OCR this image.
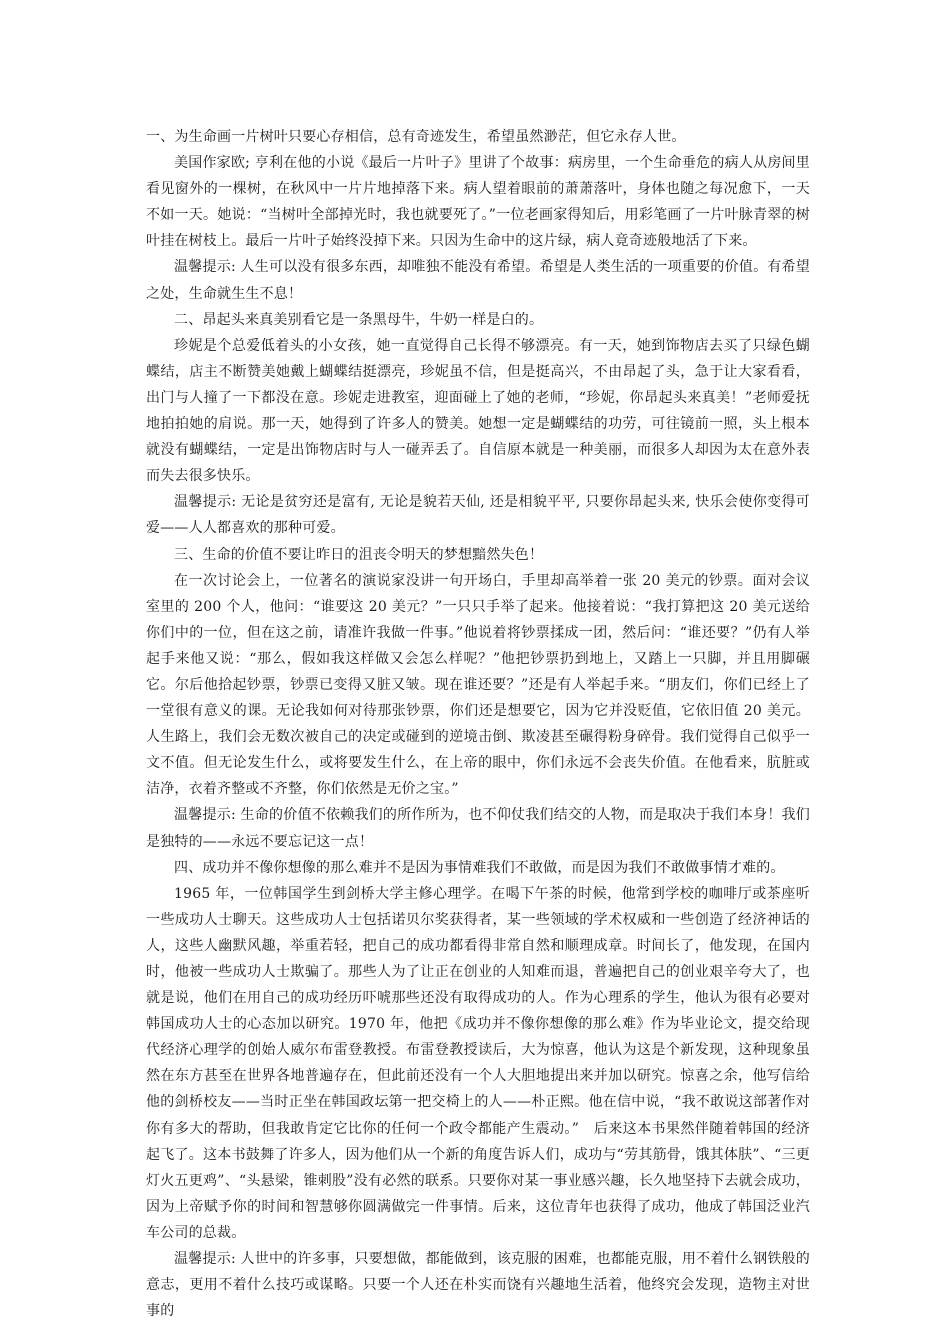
一、为生命画一片树叶只要心存相信，总有奇迹发生，希望虽然渺茫，但它永存人世。

美国作家欧; 亨利在他的小说《最后一片叶子》里讲了个故事：病房里，一个生命垂危的病人从房间里看见窗外的一棵树，在秋风中一片片地掉落下来。病人望着眼前的萧萧落叶，身体也随之每况愈下，一天不如一天。她说：“当树叶全部掉光时，我也就要死了。”一位老画家得知后，用彩笔画了一片叶脉青翠的树叶挂在树枝上。最后一片叶子始终没掉下来。只因为生命中的这片绿，病人竟奇迹般地活了下来。

温馨提示: 人生可以没有很多东西，却唯独不能没有希望。希望是人类生活的一项重要的价值。有希望之处，生命就生生不息！

二、昂起头来真美别看它是一条黑母牛，牛奶一样是白的。

珍妮是个总爱低着头的小女孩，她一直觉得自己长得不够漂亮。有一天，她到饰物店去买了只绿色蝴蝶结，店主不断赞美她戴上蝴蝶结挺漂亮，珍妮虽不信，但是挺高兴，不由昂起了头，急于让大家看看，出门与人撞了一下都没在意。珍妮走进教室，迎面碰上了她的老师，“珍妮，你昂起头来真美！”老师爱抚地拍拍她的肩说。那一天，她得到了许多人的赞美。她想一定是蝴蝶结的功劳，可往镜前一照，头上根本就没有蝴蝶结，一定是出饰物店时与人一碰弄丢了。自信原本就是一种美丽，而很多人却因为太在意外表而失去很多快乐。

温馨提示: 无论是贫穷还是富有, 无论是貌若天仙, 还是相貌平平, 只要你昂起头来, 快乐会使你变得可爱——人人都喜欢的那种可爱。

三、生命的价值不要让昨日的沮丧令明天的梦想黯然失色！

在一次讨论会上，一位著名的演说家没讲一句开场白，手里却高举着一张 20 美元的钞票。面对会议室里的 200 个人，他问：“谁要这 20 美元？”一只只手举了起来。他接着说：“我打算把这 20 美元送给你们中的一位，但在这之前，请准许我做一件事。”他说着将钞票揉成一团，然后问：“谁还要？”仍有人举起手来他又说：“那么，假如我这样做又会怎么样呢？”他把钞票扔到地上，又踏上一只脚，并且用脚碾它。尔后他拾起钞票，钞票已变得又脏又皱。现在谁还要？”还是有人举起手来。“朋友们，你们已经上了一堂很有意义的课。无论我如何对待那张钞票，你们还是想要它，因为它并没贬值，它依旧值 20 美元。人生路上，我们会无数次被自己的决定或碰到的逆境击倒、欺凌甚至碾得粉身碎骨。我们觉得自己似乎一文不值。但无论发生什么，或将要发生什么，在上帝的眼中，你们永远不会丧失价值。在他看来，肮脏或洁净，衣着齐整或不齐整，你们依然是无价之宝。”

温馨提示: 生命的价值不依赖我们的所作所为，也不仰仗我们结交的人物，而是取决于我们本身！我们是独特的——永远不要忘记这一点！

四、成功并不像你想像的那么难并不是因为事情难我们不敢做，而是因为我们不敢做事情才难的。

1965 年，一位韩国学生到剑桥大学主修心理学。在喝下午茶的时候，他常到学校的咖啡厅或茶座听一些成功人士聊天。这些成功人士包括诺贝尔奖获得者，某一些领域的学术权威和一些创造了经济神话的人，这些人幽默风趣，举重若轻，把自己的成功都看得非常自然和顺理成章。时间长了，他发现，在国内时，他被一些成功人士欺骗了。那些人为了让正在创业的人知难而退，普遍把自己的创业艰辛夸大了，也就是说，他们在用自己的成功经历吓唬那些还没有取得成功的人。作为心理系的学生，他认为很有必要对韩国成功人士的心态加以研究。1970 年，他把《成功并不像你想像的那么难》作为毕业论文，提交给现代经济心理学的创始人威尔布雷登教授。布雷登教授读后，大为惊喜，他认为这是个新发现，这种现象虽然在东方甚至在世界各地普遍存在，但此前还没有一个人大胆地提出来并加以研究。惊喜之余，他写信给他的剑桥校友——当时正坐在韩国政坛第一把交椅上的人——朴正熙。他在信中说，“我不敢说这部著作对你有多大的帮助，但我敢肯定它比你的任何一个政令都能产生震动。”　后来这本书果然伴随着韩国的经济起飞了。这本书鼓舞了许多人，因为他们从一个新的角度告诉人们，成功与“劳其筋骨，饿其体肤”、“三更灯火五更鸡”、“头悬梁，锥刺股”没有必然的联系。只要你对某一事业感兴趣，长久地坚持下去就会成功，因为上帝赋予你的时间和智慧够你圆满做完一件事情。后来，这位青年也获得了成功，他成了韩国泛业汽车公司的总裁。

温馨提示: 人世中的许多事，只要想做，都能做到，该克服的困难，也都能克服，用不着什么钢铁般的意志，更用不着什么技巧或谋略。只要一个人还在朴实而饶有兴趣地生活着，他终究会发现，造物主对世事的
